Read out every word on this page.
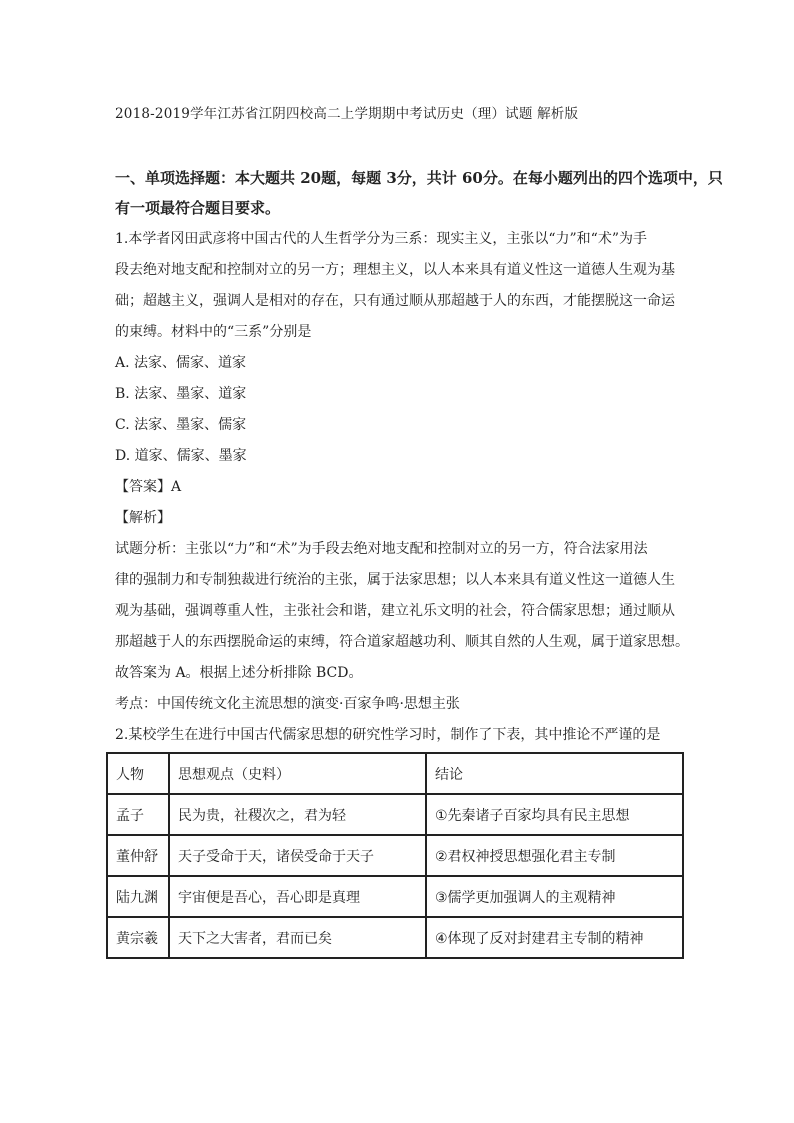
2018-2019学年江苏省江阴四校高二上学期期中考试历史（理）试题 解析版
一、单项选择题：本大题共 20题，每题 3分，共计 60分。在每小题列出的四个选项中，只
有一项最符合题目要求。
1.本学者冈田武彦将中国古代的人生哲学分为三系：现实主义，主张以“力”和“术”为手
段去绝对地支配和控制对立的另一方；理想主义，以人本来具有道义性这一道德人生观为基
础；超越主义，强调人是相对的存在，只有通过顺从那超越于人的东西，才能摆脱这一命运
的束缚。材料中的“三系”分别是
A. 法家、儒家、道家
B. 法家、墨家、道家
C. 法家、墨家、儒家
D. 道家、儒家、墨家
【答案】A
【解析】
试题分析：主张以“力”和“术”为手段去绝对地支配和控制对立的另一方，符合法家用法
律的强制力和专制独裁进行统治的主张，属于法家思想；以人本来具有道义性这一道德人生
观为基础，强调尊重人性，主张社会和谐，建立礼乐文明的社会，符合儒家思想；通过顺从
那超越于人的东西摆脱命运的束缚，符合道家超越功利、顺其自然的人生观，属于道家思想。
故答案为 A。根据上述分析排除 BCD。
考点：中国传统文化主流思想的演变·百家争鸣·思想主张
2.某校学生在进行中国古代儒家思想的研究性学习时，制作了下表，其中推论不严谨的是
人物	思想观点（史料）	结论
孟子	民为贵，社稷次之，君为轻	①先秦诸子百家均具有民主思想
董仲舒	天子受命于天，诸侯受命于天子	②君权神授思想强化君主专制
陆九渊	宇宙便是吾心，吾心即是真理	③儒学更加强调人的主观精神
黄宗羲	天下之大害者，君而已矣	④体现了反对封建君主专制的精神
